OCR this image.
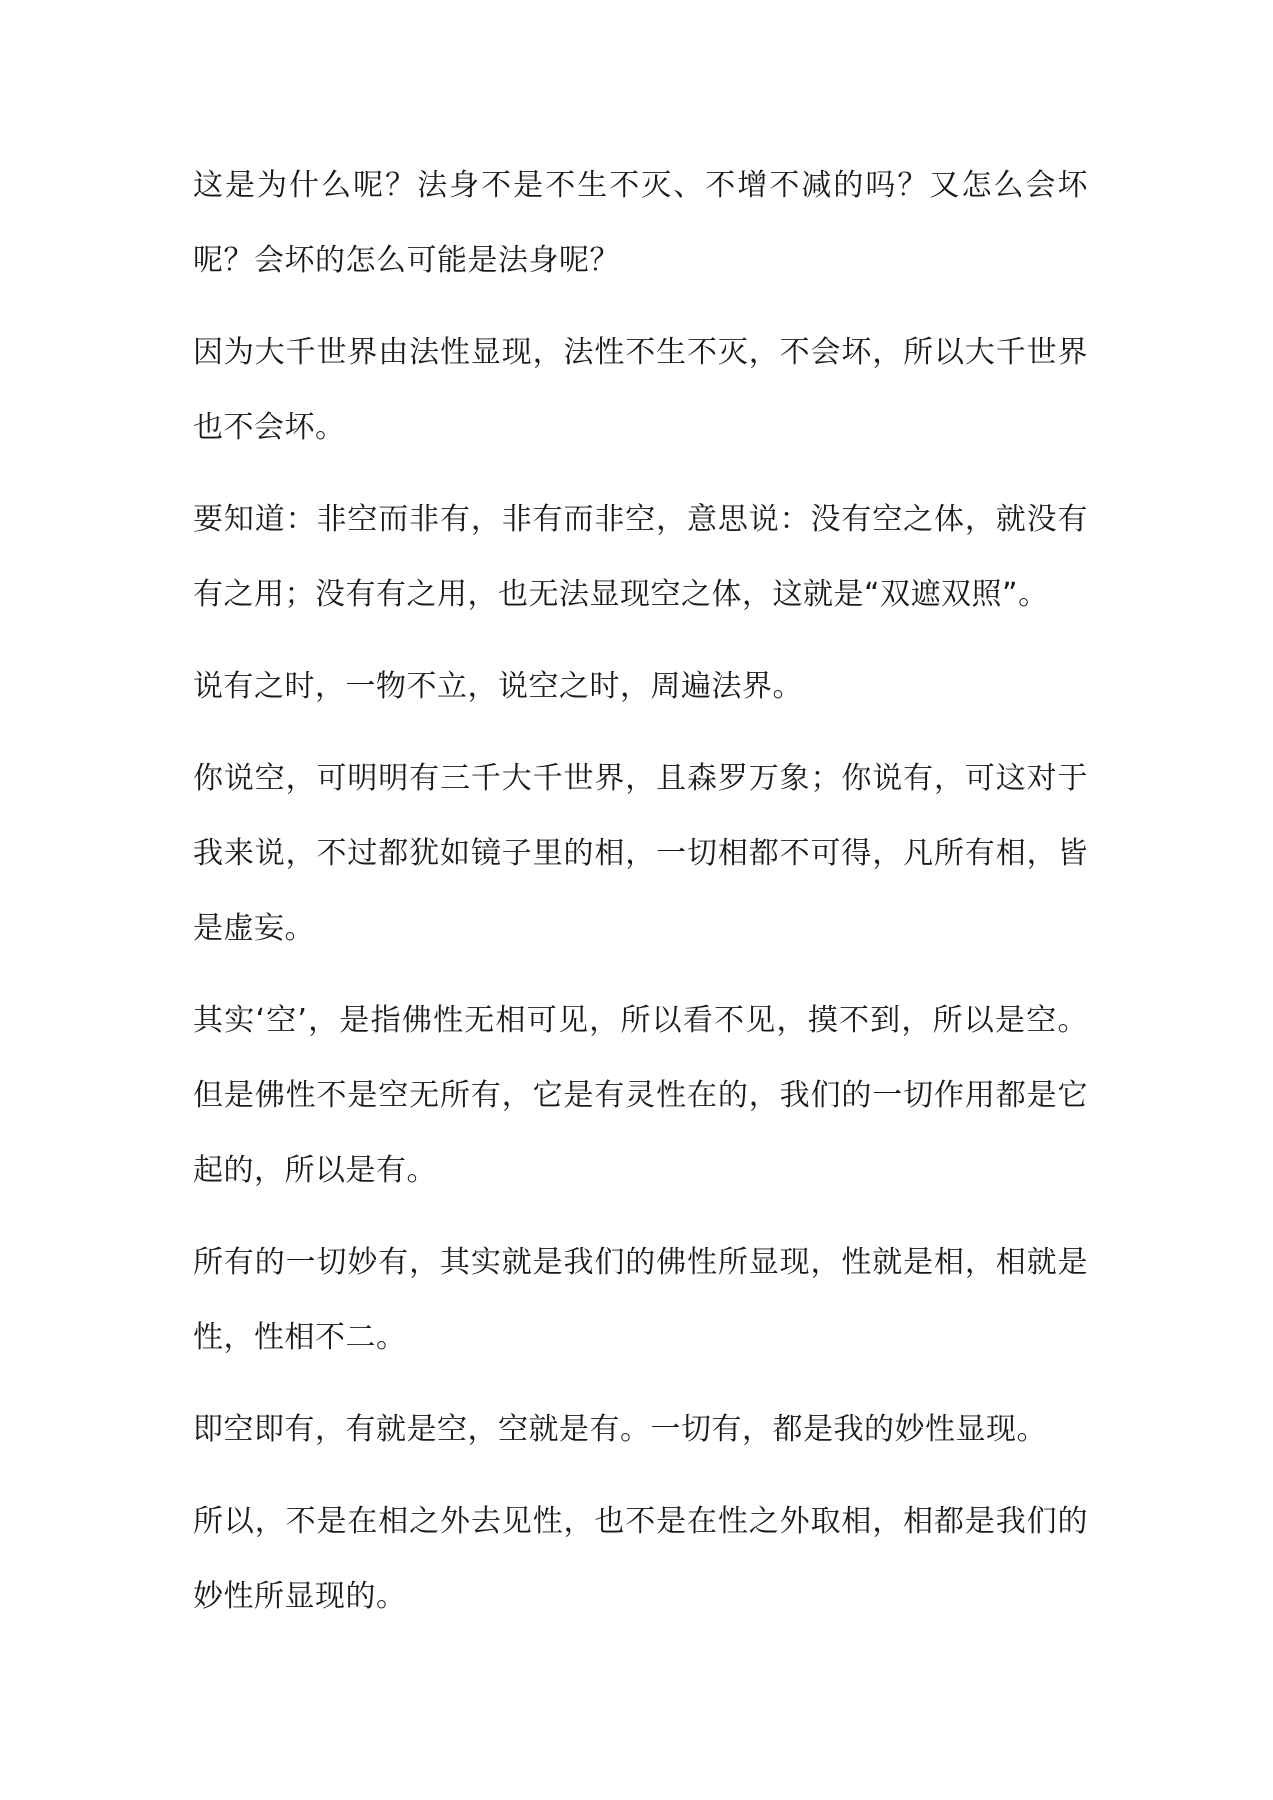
这是为什么呢？法身不是不生不灭、不增不减的吗？又怎么会坏呢？会坏的怎么可能是法身呢？

因为大千世界由法性显现，法性不生不灭，不会坏，所以大千世界也不会坏。

要知道：非空而非有，非有而非空，意思说：没有空之体，就没有有之用；没有有之用，也无法显现空之体，这就是“双遮双照”。

说有之时，一物不立，说空之时，周遍法界。

你说空，可明明有三千大千世界，且森罗万象；你说有，可这对于我来说，不过都犹如镜子里的相，一切相都不可得，凡所有相，皆是虚妄。

其实‘空’，是指佛性无相可见，所以看不见，摸不到，所以是空。但是佛性不是空无所有，它是有灵性在的，我们的一切作用都是它起的，所以是有。

所有的一切妙有，其实就是我们的佛性所显现，性就是相，相就是性，性相不二。

即空即有，有就是空，空就是有。一切有，都是我的妙性显现。

所以，不是在相之外去见性，也不是在性之外取相，相都是我们的妙性所显现的。
